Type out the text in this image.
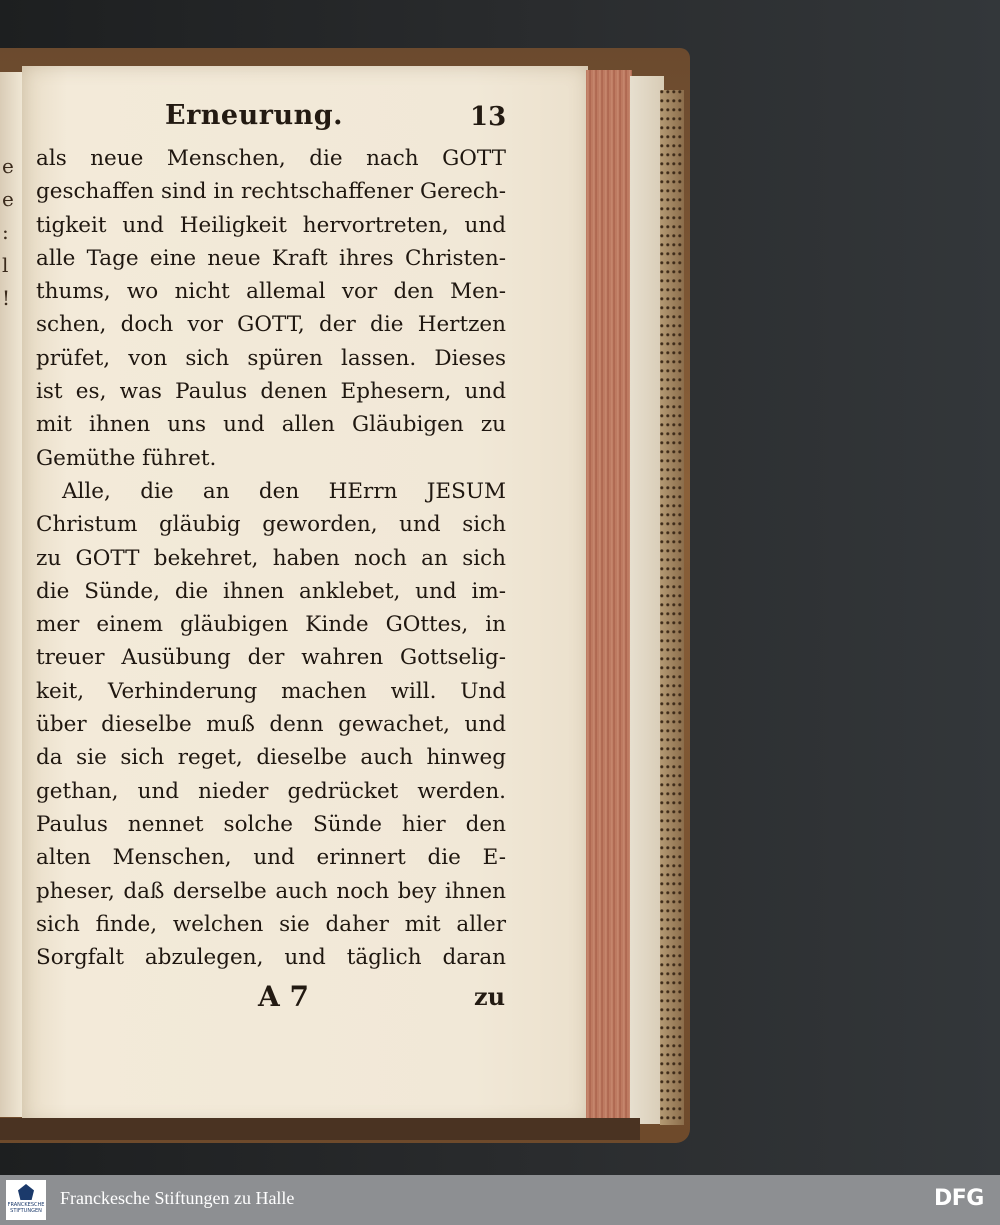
e
e
:
l
!
Erneurung.	13
als neue Menschen, die nach GOTT
geschaffen sind in rechtschaffener Gerech-
tigkeit und Heiligkeit hervortreten, und
alle Tage eine neue Kraft ihres Christen-
thums, wo nicht allemal vor den Men-
schen, doch vor GOTT, der die Hertzen
prüfet, von sich spüren lassen. Dieses
ist es, was Paulus denen Ephesern, und
mit ihnen uns und allen Gläubigen zu
Gemüthe führet.
Alle, die an den HErrn JESUM
Christum gläubig geworden, und sich
zu GOTT bekehret, haben noch an sich
die Sünde, die ihnen anklebet, und im-
mer einem gläubigen Kinde GOttes, in
treuer Ausübung der wahren Gottselig-
keit, Verhinderung machen will. Und
über dieselbe muß denn gewachet, und
da sie sich reget, dieselbe auch hinweg
gethan, und nieder gedrücket werden.
Paulus nennet solche Sünde hier den
alten Menschen, und erinnert die E-
pheser, daß derselbe auch noch bey ihnen
sich finde, welchen sie daher mit aller
Sorgfalt abzulegen, und täglich daran
A 7	zu
FRANCKESCHE STIFTUNGEN
Franckesche Stiftungen zu Halle	DFG
